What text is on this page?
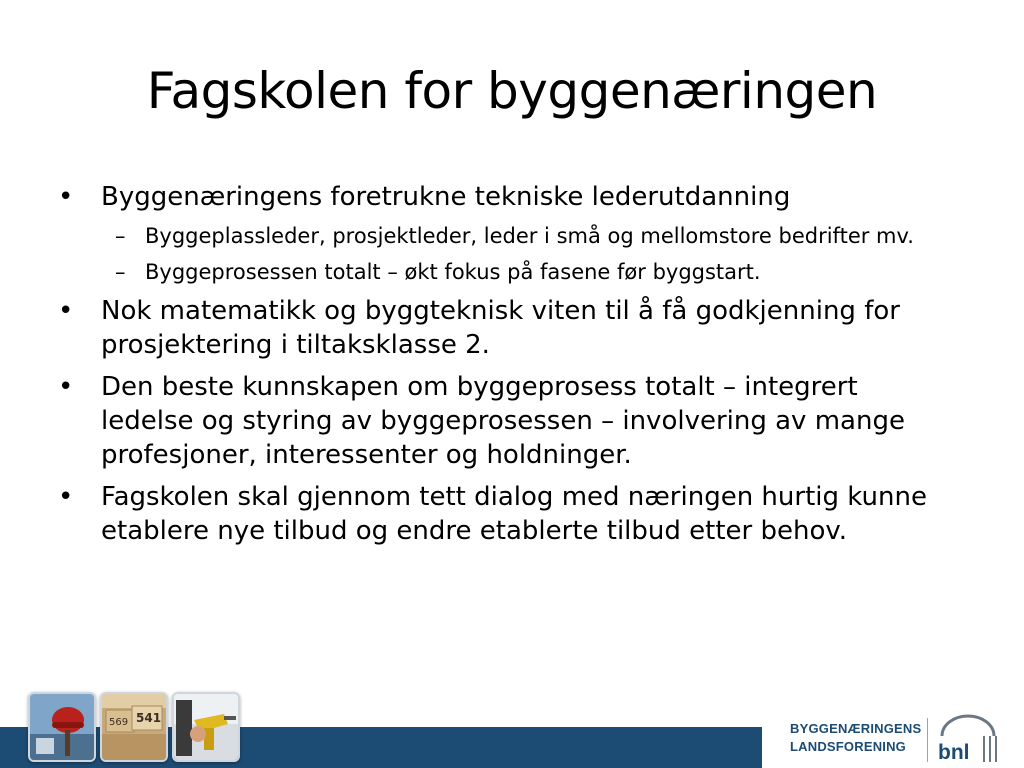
Fagskolen for byggenæringen
•	Byggenæringens foretrukne tekniske lederutdanning
– Byggeplassleder, prosjektleder, leder i små og mellomstore bedrifter mv.
– Byggeprosessen totalt – økt fokus på fasene før byggstart.
•	Nok matematikk og byggteknisk viten til å få godkjenning for prosjektering i tiltaksklasse 2.
•	Den beste kunnskapen om byggeprosess totalt – integrert ledelse og styring av byggeprosessen – involvering av mange profesjoner, interessenter og holdninger.
•	Fagskolen skal gjennom tett dialog med næringen hurtig kunne etablere nye tilbud og endre etablerte tilbud etter behov.
569 541
BYGGENÆRINGENS
LANDSFORENING	bnl
